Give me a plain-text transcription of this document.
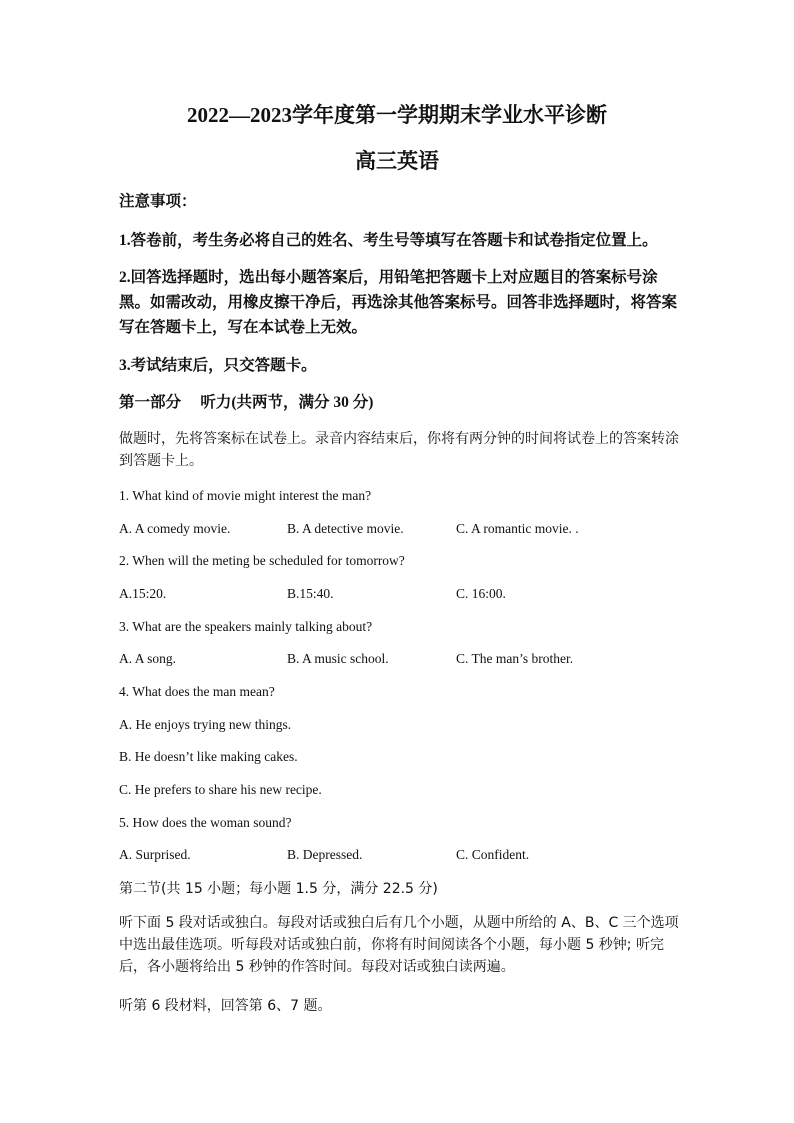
2022—2023学年度第一学期期末学业水平诊断
高三英语
注意事项：
1.答卷前，考生务必将自己的姓名、考生号等填写在答题卡和试卷指定位置上。
2.回答选择题时，选出每小题答案后，用铅笔把答题卡上对应题目的答案标号涂黑。如需改动，用橡皮擦干净后，再选涂其他答案标号。回答非选择题时，将答案写在答题卡上，写在本试卷上无效。
3.考试结束后，只交答题卡。
第一部分　 听力(共两节，满分 30 分)
做题时，先将答案标在试卷上。录音内容结束后，你将有两分钟的时间将试卷上的答案转涂到答题卡上。
1. What kind of movie might interest the man?
A. A comedy movie.	B. A detective movie.	C. A romantic movie. .
2. When will the meting be scheduled for tomorrow?
A.15:20.	B.15:40.	C. 16:00.
3. What are the speakers mainly talking about?
A. A song.	B. A music school.	C. The man’s brother.
4. What does the man mean?
A. He enjoys trying new things.
B. He doesn’t like making cakes.
C. He prefers to share his new recipe.
5. How does the woman sound?
A. Surprised.	B. Depressed.	C. Confident.
第二节(共 15 小题；每小题 1.5 分，满分 22.5 分)
听下面 5 段对话或独白。每段对话或独白后有几个小题，从题中所给的 A、B、C 三个选项中选出最佳选项。听每段对话或独白前，你将有时间阅读各个小题，每小题 5 秒钟; 听完后，各小题将给出 5 秒钟的作答时间。每段对话或独白读两遍。
听第 6 段材料，回答第 6、7 题。
